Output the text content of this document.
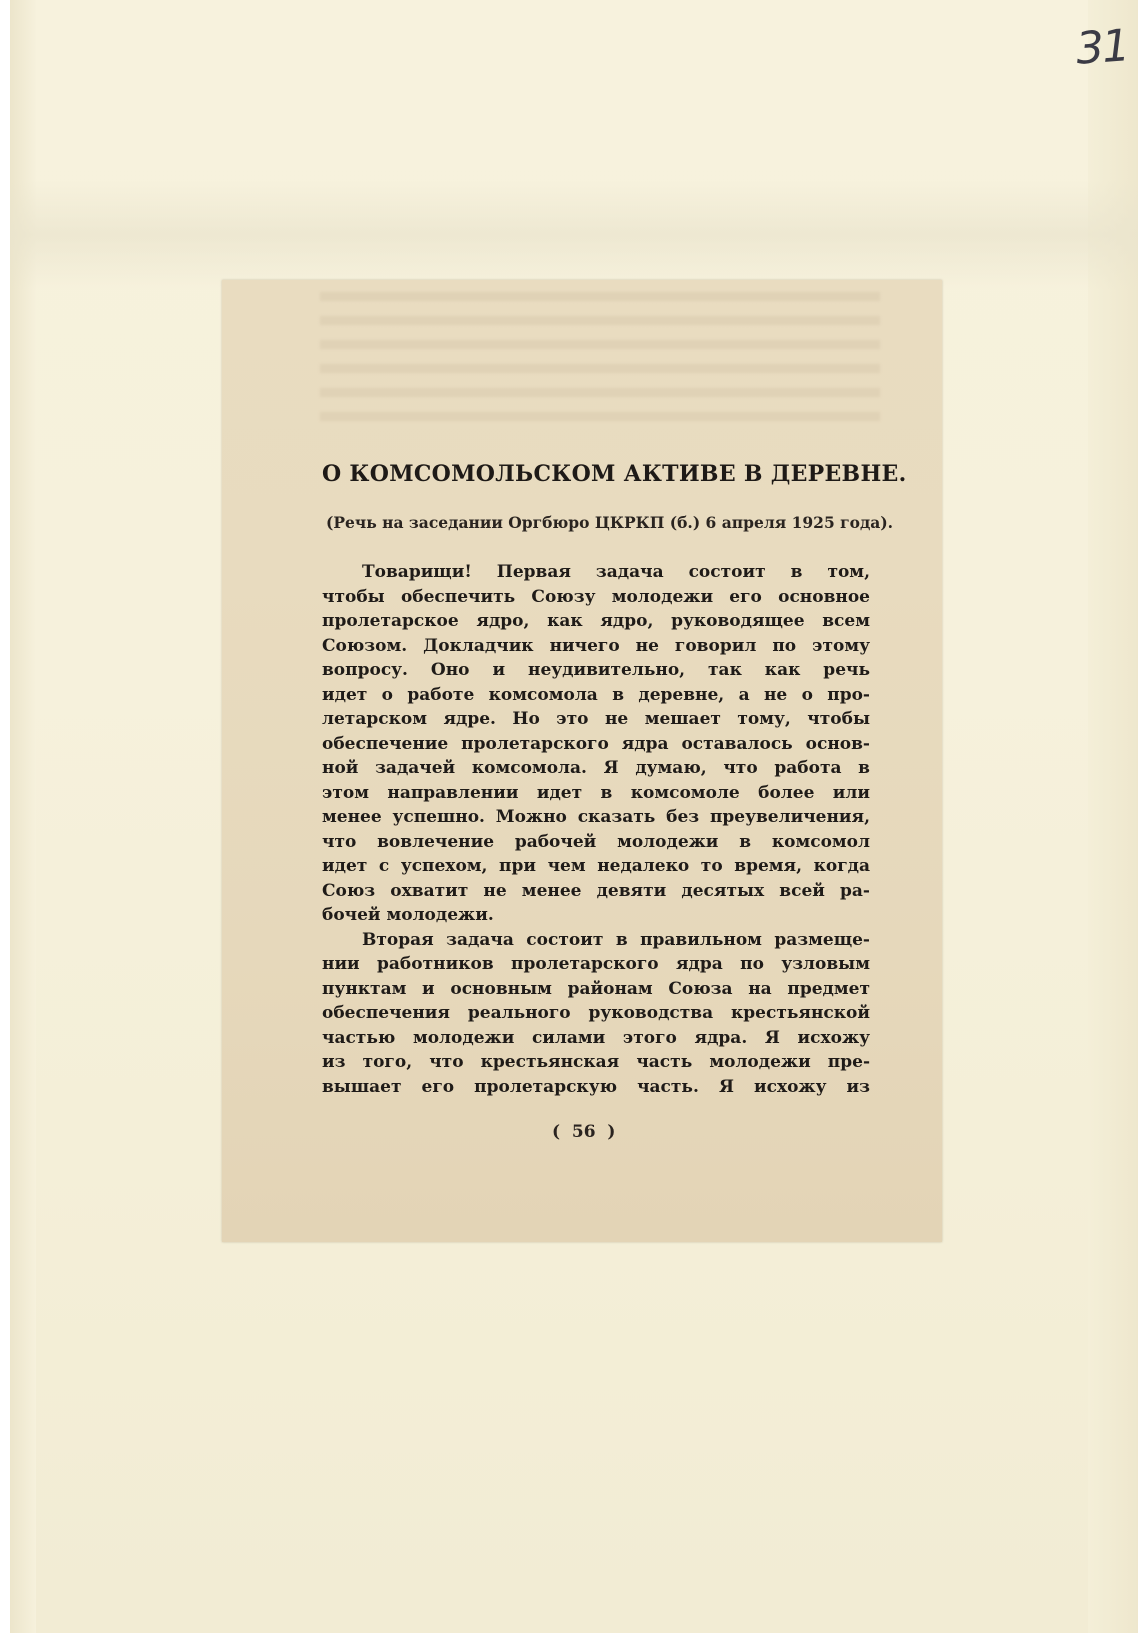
31
О КОМСОМОЛЬСКОМ АКТИВЕ В ДЕРЕВНЕ.
(Речь на заседании Оргбюро ЦКРКП (б.) 6 апреля 1925 года).
Товарищи! Первая задача состоит в том,
чтобы обеспечить Союзу молодежи его основное
пролетарское ядро, как ядро, руководящее всем
Союзом. Докладчик ничего не говорил по этому
вопросу. Оно и неудивительно, так как речь
идет о работе комсомола в деревне, а не о про-
летарском ядре. Но это не мешает тому, чтобы
обеспечение пролетарского ядра оставалось основ-
ной задачей комсомола. Я думаю, что работа в
этом направлении идет в комсомоле более или
менее успешно. Можно сказать без преувеличения,
что вовлечение рабочей молодежи в комсомол
идет с успехом, при чем недалеко то время, когда
Союз охватит не менее девяти десятых всей ра-
бочей молодежи.
Вторая задача состоит в правильном размеще-
нии работников пролетарского ядра по узловым
пунктам и основным районам Союза на предмет
обеспечения реального руководства крестьянской
частью молодежи силами этого ядра. Я исхожу
из того, что крестьянская часть молодежи пре-
вышает его пролетарскую часть. Я исхожу из
(  56  )
